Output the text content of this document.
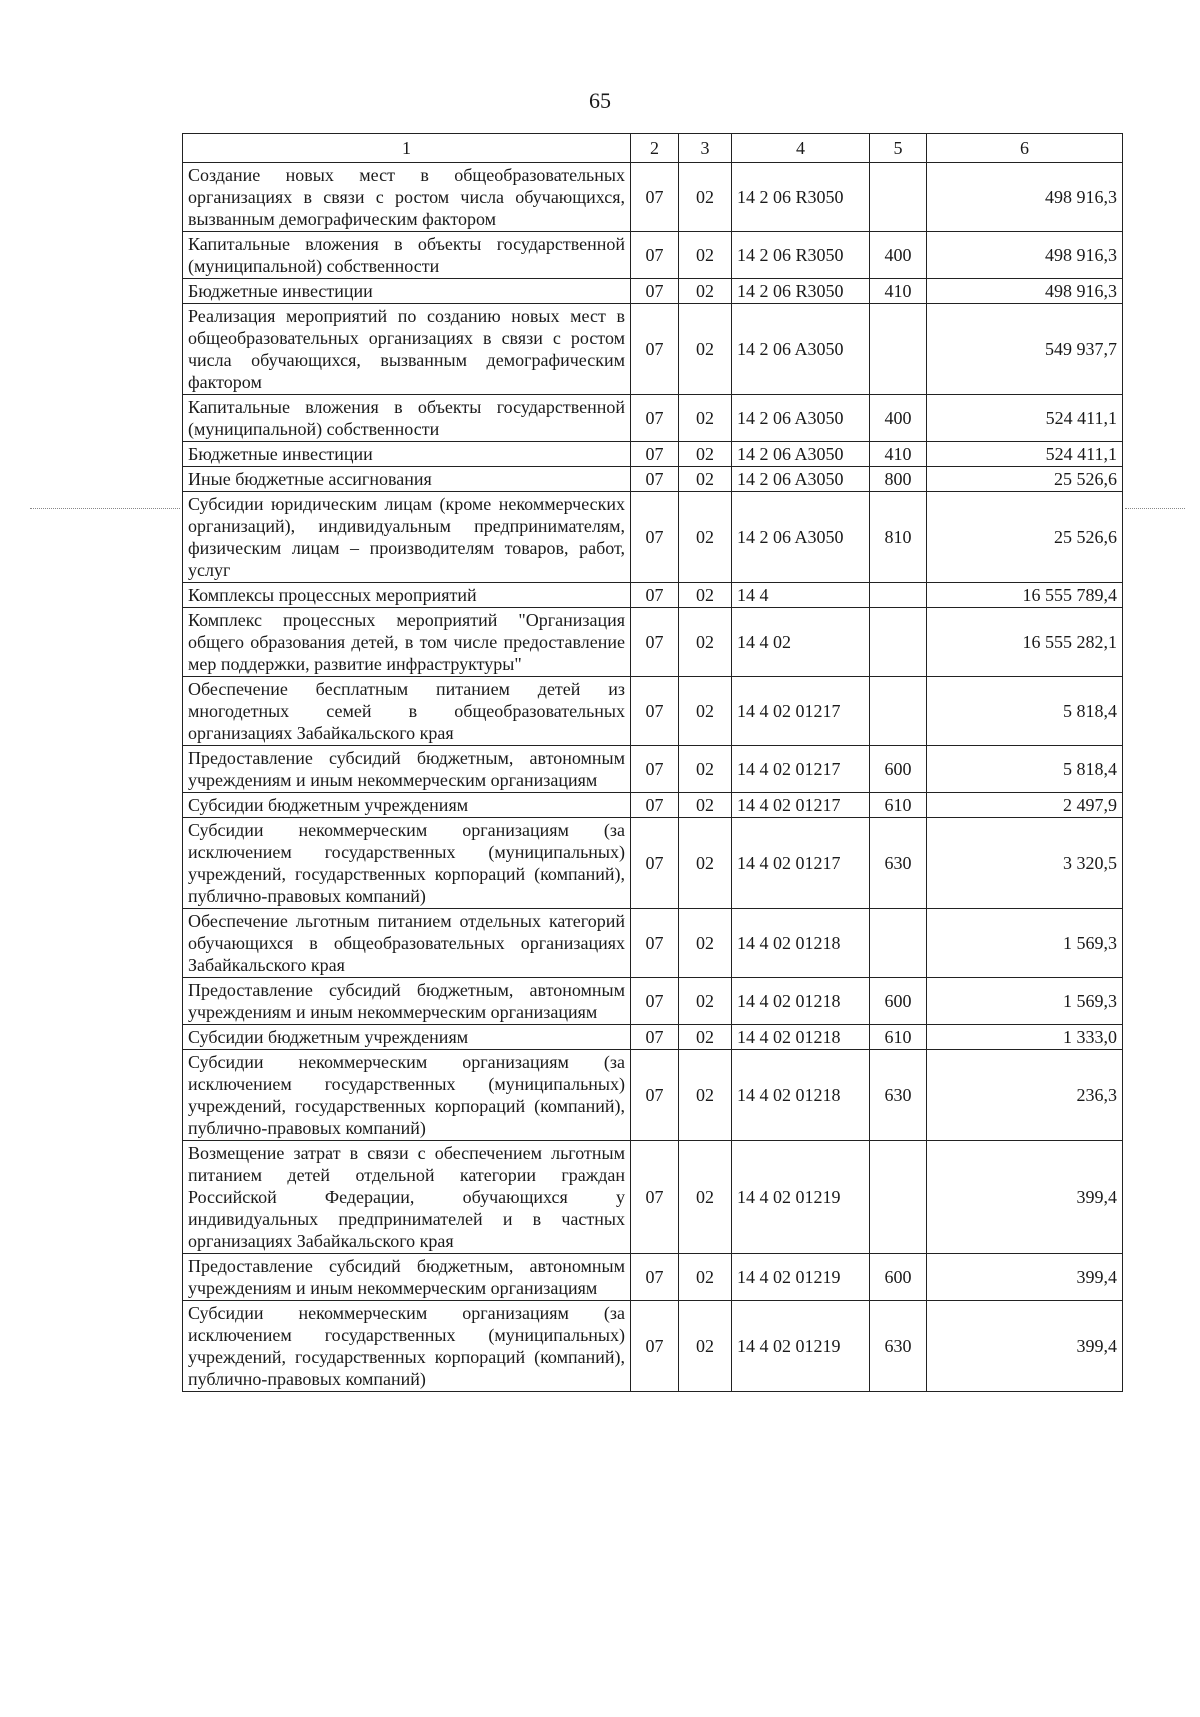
65
1	2	3	4	5	6
Создание новых мест в общеобразовательных организациях в связи с ростом числа обучающихся, вызванным демографическим фактором	07	02	14 2 06 R3050		498 916,3
Капитальные вложения в объекты государственной (муниципальной) собственности	07	02	14 2 06 R3050	400	498 916,3
Бюджетные инвестиции	07	02	14 2 06 R3050	410	498 916,3
Реализация мероприятий по созданию новых мест в общеобразовательных организациях в связи с ростом числа обучающихся, вызванным демографическим фактором	07	02	14 2 06 A3050		549 937,7
Капитальные вложения в объекты государственной (муниципальной) собственности	07	02	14 2 06 A3050	400	524 411,1
Бюджетные инвестиции	07	02	14 2 06 A3050	410	524 411,1
Иные бюджетные ассигнования	07	02	14 2 06 A3050	800	25 526,6
Субсидии юридическим лицам (кроме некоммерческих организаций), индивидуальным предпринимателям, физическим лицам – производителям товаров, работ, услуг	07	02	14 2 06 A3050	810	25 526,6
Комплексы процессных мероприятий	07	02	14 4		16 555 789,4
Комплекс процессных мероприятий "Организация общего образования детей, в том числе предоставление мер поддержки, развитие инфраструктуры"	07	02	14 4 02		16 555 282,1
Обеспечение бесплатным питанием детей из многодетных семей в общеобразовательных организациях Забайкальского края	07	02	14 4 02 01217		5 818,4
Предоставление субсидий бюджетным, автономным учреждениям и иным некоммерческим организациям	07	02	14 4 02 01217	600	5 818,4
Субсидии бюджетным учреждениям	07	02	14 4 02 01217	610	2 497,9
Субсидии некоммерческим организациям (за исключением государственных (муниципальных) учреждений, государственных корпораций (компаний), публично-правовых компаний)	07	02	14 4 02 01217	630	3 320,5
Обеспечение льготным питанием отдельных категорий обучающихся в общеобразовательных организациях Забайкальского края	07	02	14 4 02 01218		1 569,3
Предоставление субсидий бюджетным, автономным учреждениям и иным некоммерческим организациям	07	02	14 4 02 01218	600	1 569,3
Субсидии бюджетным учреждениям	07	02	14 4 02 01218	610	1 333,0
Субсидии некоммерческим организациям (за исключением государственных (муниципальных) учреждений, государственных корпораций (компаний), публично-правовых компаний)	07	02	14 4 02 01218	630	236,3
Возмещение затрат в связи с обеспечением льготным питанием детей отдельной категории граждан Российской Федерации, обучающихся у индивидуальных предпринимателей и в частных организациях Забайкальского края	07	02	14 4 02 01219		399,4
Предоставление субсидий бюджетным, автономным учреждениям и иным некоммерческим организациям	07	02	14 4 02 01219	600	399,4
Субсидии некоммерческим организациям (за исключением государственных (муниципальных) учреждений, государственных корпораций (компаний), публично-правовых компаний)	07	02	14 4 02 01219	630	399,4
